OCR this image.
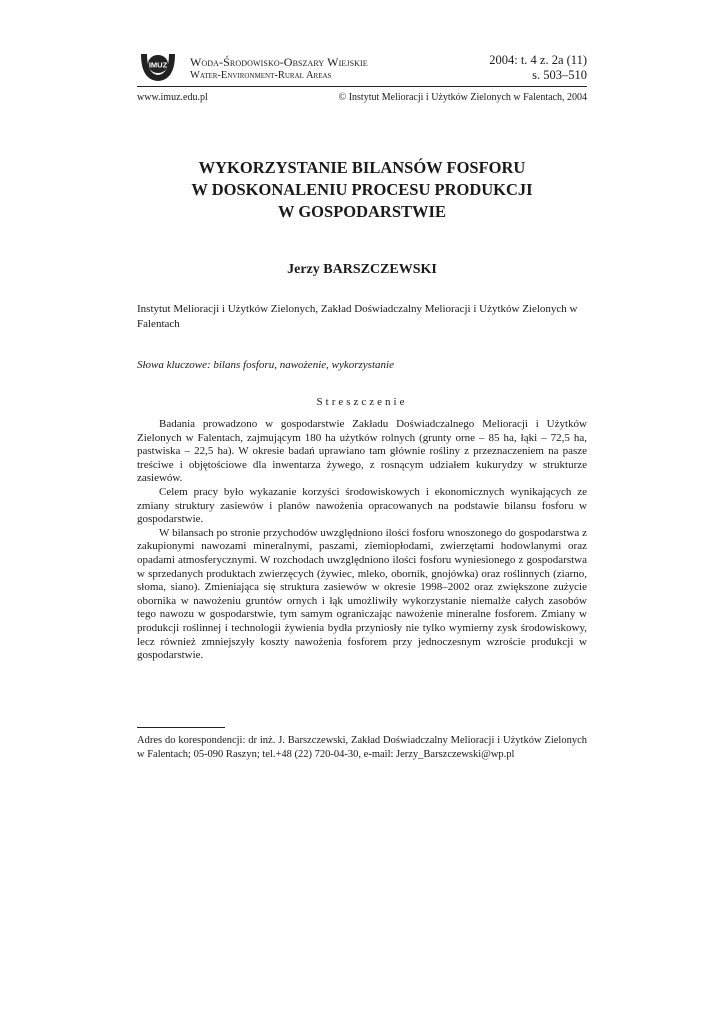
IMUZ Woda-Środowisko-Obszary Wiejskie
Water-Environment-Rural Areas
2004: t. 4 z. 2a (11)
s. 503–510
www.imuz.edu.pl	© Instytut Melioracji i Użytków Zielonych w Falentach, 2004
WYKORZYSTANIE BILANSÓW FOSFORU
W DOSKONALENIU PROCESU PRODUKCJI
W GOSPODARSTWIE
Jerzy BARSZCZEWSKI
Instytut Melioracji i Użytków Zielonych, Zakład Doświadczalny Melioracji i Użytków Zielonych w Falentach
Słowa kluczowe: bilans fosforu, nawożenie, wykorzystanie
Streszczenie

Badania prowadzono w gospodarstwie Zakładu Doświadczalnego Melioracji i Użytków Zielonych w Falentach, zajmującym 180 ha użytków rolnych (grunty orne – 85 ha, łąki – 72,5 ha, pastwiska – 22,5 ha). W okresie badań uprawiano tam głównie rośliny z przeznaczeniem na pasze treściwe i objętościowe dla inwentarza żywego, z rosnącym udziałem kukurydzy w strukturze zasiewów.

Celem pracy było wykazanie korzyści środowiskowych i ekonomicznych wynikających ze zmiany struktury zasiewów i planów nawożenia opracowanych na podstawie bilansu fosforu w gospodarstwie.

W bilansach po stronie przychodów uwzględniono ilości fosforu wnoszonego do gospodarstwa z zakupionymi nawozami mineralnymi, paszami, ziemiopłodami, zwierzętami hodowlanymi oraz opadami atmosferycznymi. W rozchodach uwzględniono ilości fosforu wyniesionego z gospodarstwa w sprzedanych produktach zwierzęcych (żywiec, mleko, obornik, gnojówka) oraz roślinnych (ziarno, słoma, siano). Zmieniająca się struktura zasiewów w okresie 1998–2002 oraz zwiększone zużycie obornika w nawożeniu gruntów ornych i łąk umożliwiły wykorzystanie niemalże całych zasobów tego nawozu w gospodarstwie, tym samym ograniczając nawożenie mineralne fosforem. Zmiany w produkcji roślinnej i technologii żywienia bydła przyniosły nie tylko wymierny zysk środowiskowy, lecz również zmniejszyły koszty nawożenia fosforem przy jednoczesnym wzroście produkcji w gospodarstwie.

Adres do korespondencji: dr inż. J. Barszczewski, Zakład Doświadczalny Melioracji i Użytków Zielonych w Falentach; 05-090 Raszyn; tel.+48 (22) 720-04-30, e-mail: Jerzy_Barszczewski@wp.pl
